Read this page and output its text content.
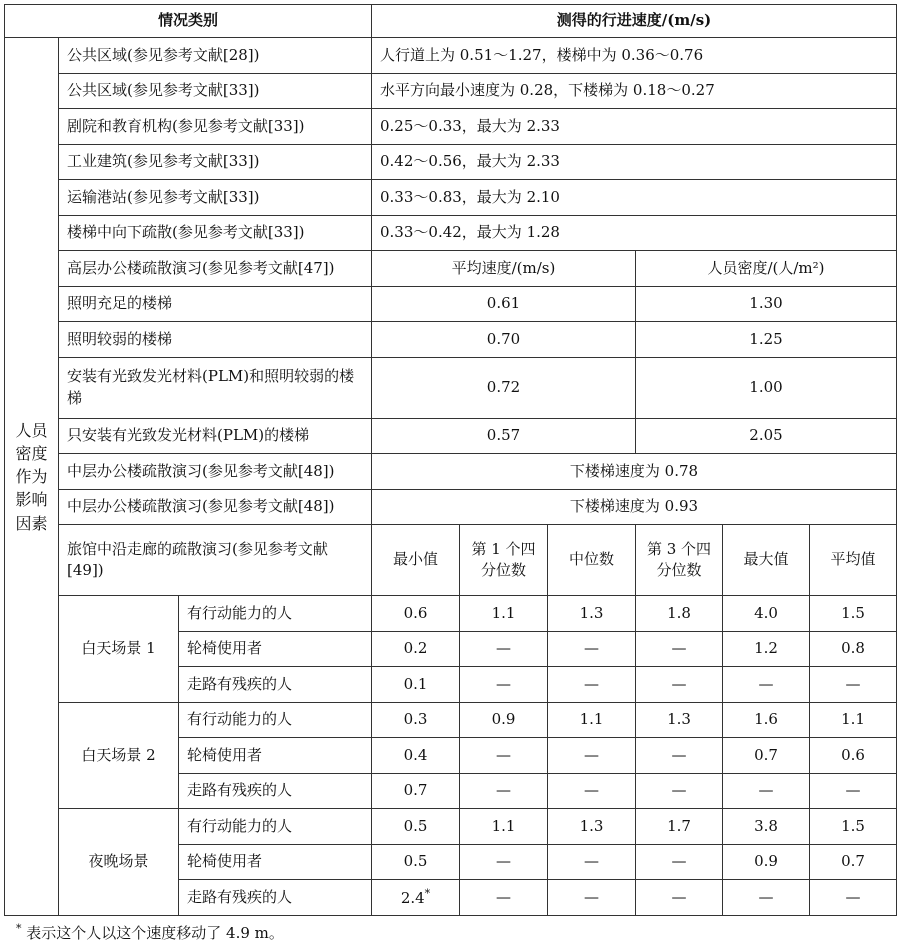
情况类别			测得的行进速度/(m/s)					

人员
密度
作为
影响
因素	公共区域(参见参考文献[28])		人行道上为 0.51～1.27，楼梯中为 0.36～0.76					
	公共区域(参见参考文献[33])		水平方向最小速度为 0.28，下楼梯为 0.18～0.27					
	剧院和教育机构(参见参考文献[33])		0.25～0.33，最大为 2.33					
	工业建筑(参见参考文献[33])		0.42～0.56，最大为 2.33					
	运输港站(参见参考文献[33])		0.33～0.83，最大为 2.10					
	楼梯中向下疏散(参见参考文献[33])		0.33～0.42，最大为 1.28					
	高层办公楼疏散演习(参见参考文献[47])		平均速度/(m/s)			人员密度/(人/m²)		
	照明充足的楼梯		0.61			1.30		
	照明较弱的楼梯		0.70			1.25		
	安装有光致发光材料(PLM)和照明较弱的楼梯		0.72			1.00		
	只安装有光致发光材料(PLM)的楼梯		0.57			2.05		
	中层办公楼疏散演习(参见参考文献[48])		下楼梯速度为 0.78					
	中层办公楼疏散演习(参见参考文献[48])		下楼梯速度为 0.93					
	旅馆中沿走廊的疏散演习(参见参考文献[49])		最小值	第 1 个四分位数	中位数	第 3 个四分位数	最大值	平均值
	白天场景 1	有行动能力的人	0.6	1.1	1.3	1.8	4.0	1.5
		轮椅使用者	0.2	—	—	—	1.2	0.8
		走路有残疾的人	0.1	—	—	—	—	—
	白天场景 2	有行动能力的人	0.3	0.9	1.1	1.3	1.6	1.1
		轮椅使用者	0.4	—	—	—	0.7	0.6
		走路有残疾的人	0.7	—	—	—	—	—
	夜晚场景	有行动能力的人	0.5	1.1	1.3	1.7	3.8	1.5
		轮椅使用者	0.5	—	—	—	0.9	0.7
		走路有残疾的人	2.4*	—	—	—	—	—
* 表示这个人以这个速度移动了 4.9 m。
